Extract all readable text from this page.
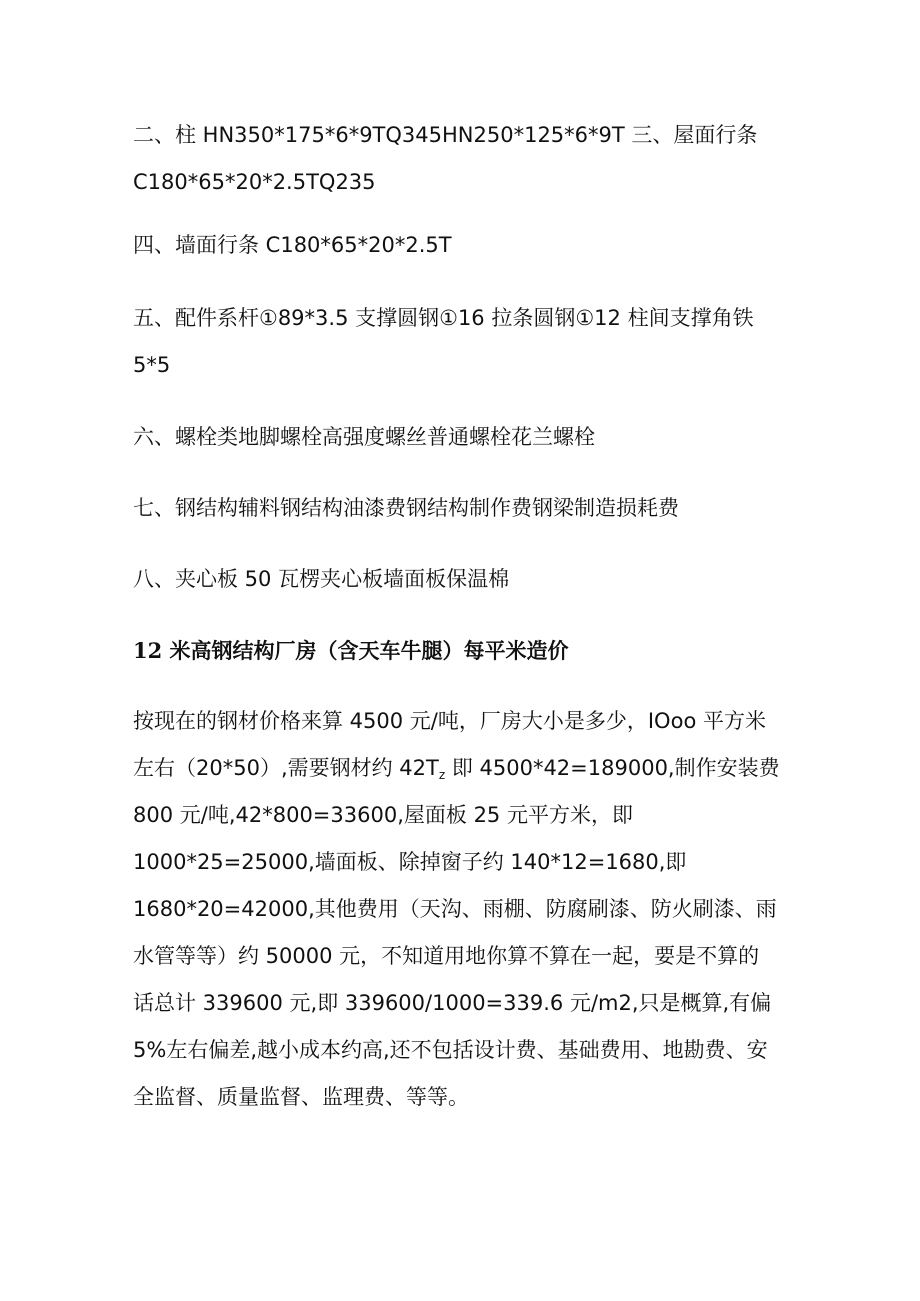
二、柱 HN350*175*6*9TQ345HN250*125*6*9T 三、屋面行条
C180*65*20*2.5TQ235
四、墙面行条 C180*65*20*2.5T
五、配件系杆①89*3.5 支撑圆钢①16 拉条圆钢①12 柱间支撑角铁
5*5
六、螺栓类地脚螺栓高强度螺丝普通螺栓花兰螺栓
七、钢结构辅料钢结构油漆费钢结构制作费钢梁制造损耗费
八、夹心板 50 瓦楞夹心板墙面板保温棉
12 米高钢结构厂房（含天车牛腿）每平米造价
按现在的钢材价格来算 4500 元/吨，厂房大小是多少，IOoo 平方米
左右（20*50）,需要钢材约 $42T_z$ 即 4500*42=189000,制作安装费
800 元/吨,42*800=33600,屋面板 25 元平方米，即
1000*25=25000,墙面板、除掉窗子约 140*12=1680,即
1680*20=42000,其他费用（天沟、雨棚、防腐刷漆、防火刷漆、雨
水管等等）约 50000 元，不知道用地你算不算在一起，要是不算的
话总计 339600 元,即 339600/1000=339.6 元/m2,只是概算,有偏
5%左右偏差,越小成本约高,还不包括设计费、基础费用、地勘费、安
全监督、质量监督、监理费、等等。
